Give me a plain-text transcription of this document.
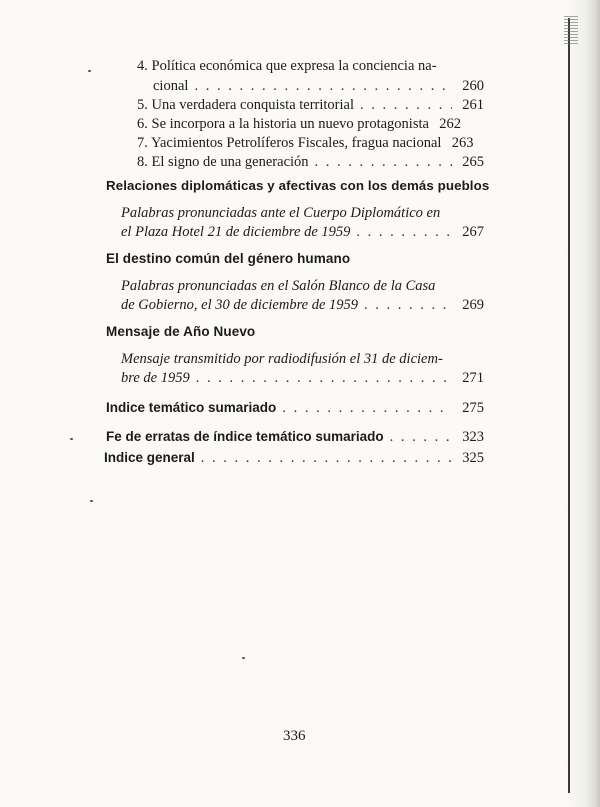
4. Política económica que expresa la conciencia na-
cional . . .	260
5. Una verdadera conquista territorial . . .	261
6. Se incorpora a la historia un nuevo protagonista 262
7. Yacimientos Petrolíferos Fiscales, fragua nacional 263
8. El signo de una generación . . .	265
Relaciones diplomáticas y afectivas con los demás pueblos
Palabras pronunciadas ante el Cuerpo Diplomático en
el Plaza Hotel 21 de diciembre de 1959 . . .	267
El destino común del género humano
Palabras pronunciadas en el Salón Blanco de la Casa
de Gobierno, el 30 de diciembre de 1959 . . .	269
Mensaje de Año Nuevo
Mensaje transmitido por radiodifusión el 31 de diciem-
bre de 1959 . . .	271
Indice temático sumariado . . .	275
Fe de erratas de índice temático sumariado . . .	323
Indice general . . .	325
336
